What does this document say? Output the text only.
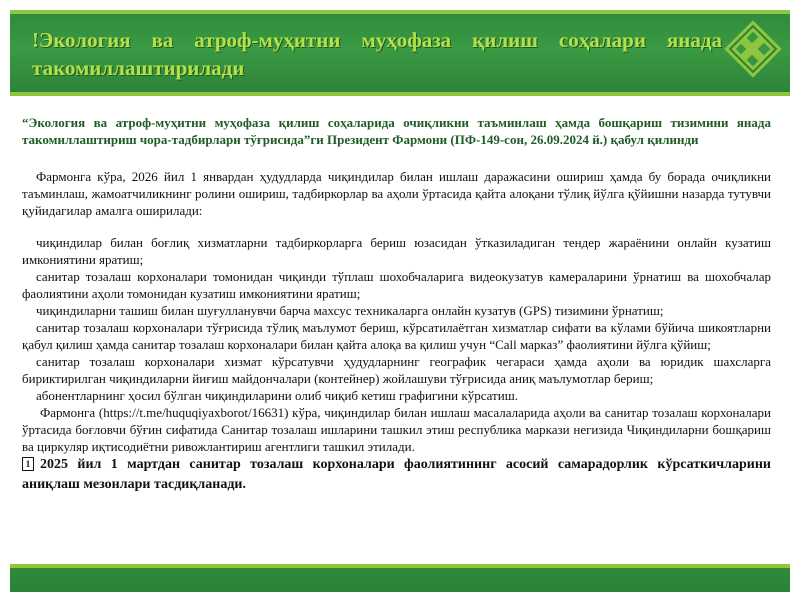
!Экология ва атроф-муҳитни муҳофаза қилиш соҳалари янада такомиллаштирилади

“Экология ва атроф-муҳитни муҳофаза қилиш соҳаларида очиқликни таъминлаш ҳамда бошқариш тизимини янада такомиллаштириш чора-тадбирлари тўғрисида”ги Президент Фармони (ПФ-149-сон, 26.09.2024 й.) қабул қилинди

Фармонга кўра, 2026 йил 1 январдан ҳудудларда чиқиндилар билан ишлаш даражасини ошириш ҳамда бу борада очиқликни таъминлаш, жамоатчиликнинг ролини ошириш, тадбиркорлар ва аҳоли ўртасида қайта алоқани тўлиқ йўлга қўйишни назарда тутувчи қуйидагилар амалга оширилади:

чиқиндилар билан боғлиқ хизматларни тадбиркорларга бериш юзасидан ўтказиладиган тендер жараёнини онлайн кузатиш имкониятини яратиш;

санитар тозалаш корхоналари томонидан чиқинди тўплаш шохобчаларига видеокузатув камераларини ўрнатиш ва шохобчалар фаолиятини аҳоли томонидан кузатиш имкониятини яратиш;

чиқиндиларни ташиш билан шуғулланувчи барча махсус техникаларга онлайн кузатув (GPS) тизимини ўрнатиш;

санитар тозалаш корхоналари тўғрисида тўлиқ маълумот бериш, кўрсатилаётган хизматлар сифати ва кўлами бўйича шикоятларни қабул қилиш ҳамда санитар тозалаш корхоналари билан қайта алоқа ва қилиш учун “Call марказ” фаолиятини йўлга қўйиш;

санитар тозалаш корхоналари хизмат кўрсатувчи ҳудудларнинг географик чегараси ҳамда аҳоли ва юридик шахсларга бириктирилган чиқиндиларни йиғиш майдончалари (контейнер) жойлашуви тўғрисида аниқ маълумотлар бериш;

абонентларнинг ҳосил бўлган чиқиндиларини олиб чиқиб кетиш графигини кўрсатиш.

Фармонга (https://t.me/huquqiyaxborot/16631) кўра, чиқиндилар билан ишлаш масалаларида аҳоли ва санитар тозалаш корхоналари ўртасида боғловчи бўғин сифатида Санитар тозалаш ишларини ташкил этиш республика маркази негизида Чиқиндиларни бошқариш ва циркуляр иқтисодиётни ривожлантириш агентлиги ташкил этилади.

1 2025 йил 1 мартдан санитар тозалаш корхоналари фаолиятининг асосий самарадорлик кўрсаткичларини аниқлаш мезонлари тасдиқланади.
